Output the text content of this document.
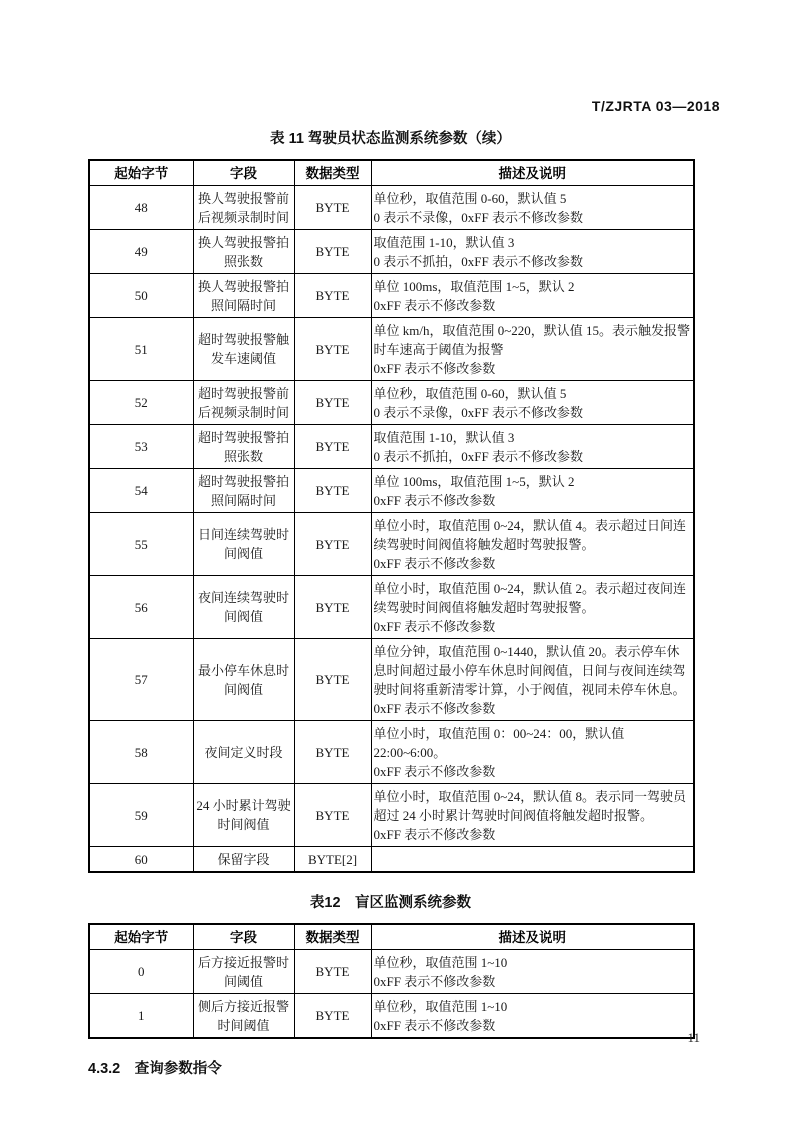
T/ZJRTA 03—2018
表 11 驾驶员状态监测系统参数（续）
起始字节	字段	数据类型	描述及说明
48	换人驾驶报警前后视频录制时间	BYTE	单位秒，取值范围 0-60，默认值 5
0 表示不录像，0xFF 表示不修改参数

49	换人驾驶报警拍照张数	BYTE	取值范围 1-10，默认值 3
0 表示不抓拍，0xFF 表示不修改参数

50	换人驾驶报警拍照间隔时间	BYTE	单位 100ms，取值范围 1~5，默认 2
0xFF 表示不修改参数

51	超时驾驶报警触发车速阈值	BYTE	单位 km/h，取值范围 0~220，默认值 15。表示触发报警时车速高于阈值为报警
0xFF 表示不修改参数

52	超时驾驶报警前后视频录制时间	BYTE	单位秒，取值范围 0-60，默认值 5
0 表示不录像，0xFF 表示不修改参数

53	超时驾驶报警拍照张数	BYTE	取值范围 1-10，默认值 3
0 表示不抓拍，0xFF 表示不修改参数

54	超时驾驶报警拍照间隔时间	BYTE	单位 100ms，取值范围 1~5，默认 2
0xFF 表示不修改参数

55	日间连续驾驶时间阀值	BYTE	单位小时，取值范围 0~24，默认值 4。表示超过日间连续驾驶时间阀值将触发超时驾驶报警。
0xFF 表示不修改参数

56	夜间连续驾驶时间阀值	BYTE	单位小时，取值范围 0~24，默认值 2。表示超过夜间连续驾驶时间阀值将触发超时驾驶报警。
0xFF 表示不修改参数

57	最小停车休息时间阀值	BYTE	单位分钟，取值范围 0~1440，默认值 20。表示停车休息时间超过最小停车休息时间阀值，日间与夜间连续驾驶时间将重新清零计算，小于阀值，视同未停车休息。
0xFF 表示不修改参数

58	夜间定义时段	BYTE	单位小时，取值范围 0：00~24：00，默认值 22:00~6:00。
0xFF 表示不修改参数

59	24 小时累计驾驶时间阀值	BYTE	单位小时，取值范围 0~24，默认值 8。表示同一驾驶员超过 24 小时累计驾驶时间阀值将触发超时报警。
0xFF 表示不修改参数

60	保留字段	BYTE[2]	
表12　盲区监测系统参数
起始字节	字段	数据类型	描述及说明
0	后方接近报警时间阈值	BYTE	单位秒，取值范围 1~10
0xFF 表示不修改参数

1	侧后方接近报警时间阈值	BYTE	单位秒，取值范围 1~10
0xFF 表示不修改参数
4.3.2　查询参数指令
11
